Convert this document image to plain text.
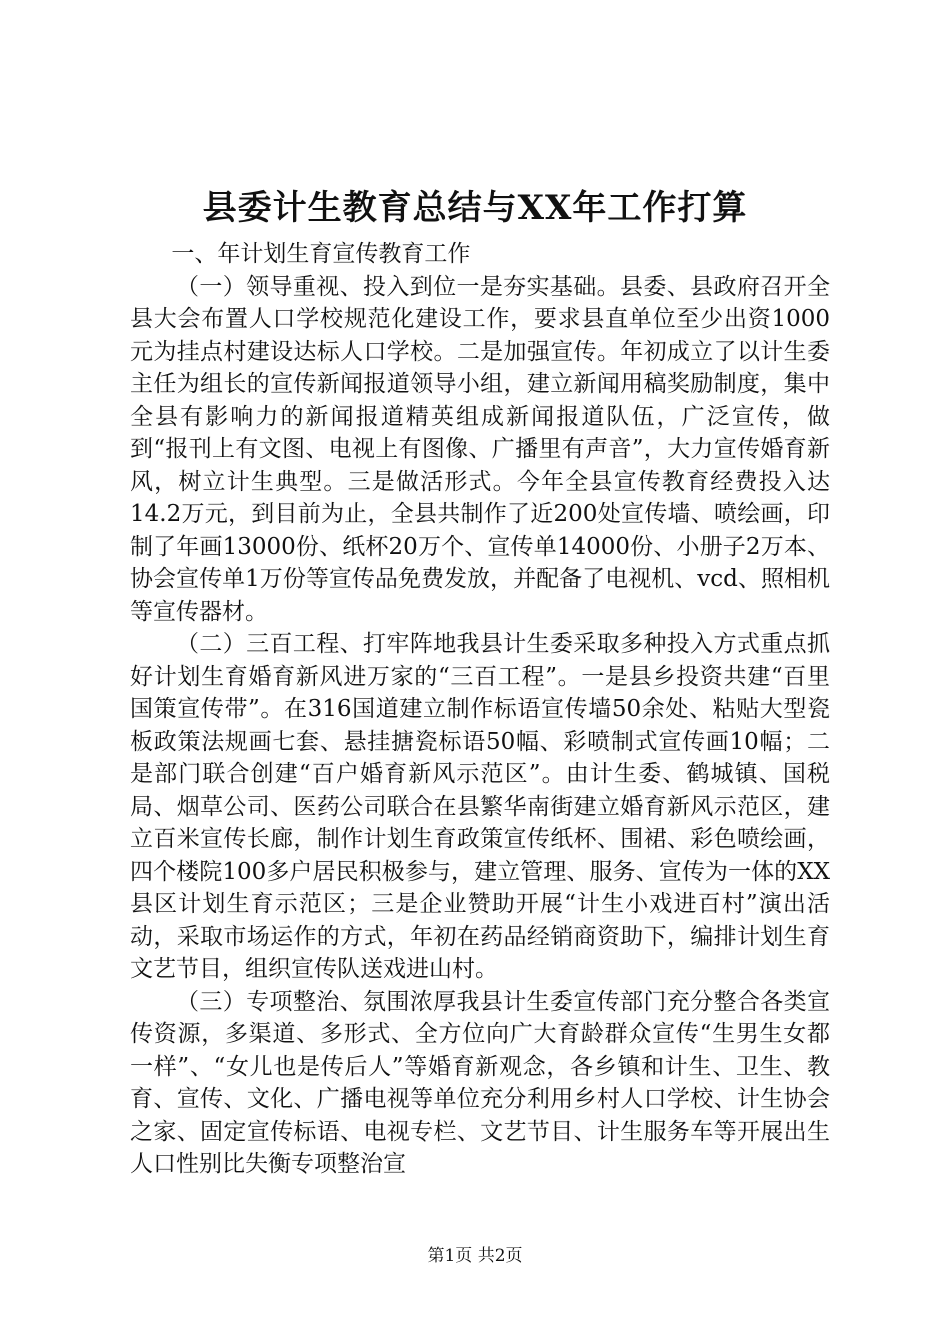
县委计生教育总结与XX年工作打算

一、年计划生育宣传教育工作

（一）领导重视、投入到位一是夯实基础。县委、县政府召开全县大会布置人口学校规范化建设工作，要求县直单位至少出资1000元为挂点村建设达标人口学校。二是加强宣传。年初成立了以计生委主任为组长的宣传新闻报道领导小组，建立新闻用稿奖励制度，集中全县有影响力的新闻报道精英组成新闻报道队伍，广泛宣传，做到“报刊上有文图、电视上有图像、广播里有声音”，大力宣传婚育新风，树立计生典型。三是做活形式。今年全县宣传教育经费投入达14.2万元，到目前为止，全县共制作了近200处宣传墙、喷绘画，印制了年画13000份、纸杯20万个、宣传单14000份、小册子2万本、协会宣传单1万份等宣传品免费发放，并配备了电视机、vcd、照相机等宣传器材。

（二）三百工程、打牢阵地我县计生委采取多种投入方式重点抓好计划生育婚育新风进万家的“三百工程”。一是县乡投资共建“百里国策宣传带”。在316国道建立制作标语宣传墙50余处、粘贴大型瓷板政策法规画七套、悬挂搪瓷标语50幅、彩喷制式宣传画10幅；二是部门联合创建“百户婚育新风示范区”。由计生委、鹤城镇、国税局、烟草公司、医药公司联合在县繁华南街建立婚育新风示范区，建立百米宣传长廊，制作计划生育政策宣传纸杯、围裙、彩色喷绘画，四个楼院100多户居民积极参与，建立管理、服务、宣传为一体的XX县区计划生育示范区；三是企业赞助开展“计生小戏进百村”演出活动，采取市场运作的方式，年初在药品经销商资助下，编排计划生育文艺节目，组织宣传队送戏进山村。

（三）专项整治、氛围浓厚我县计生委宣传部门充分整合各类宣传资源，多渠道、多形式、全方位向广大育龄群众宣传“生男生女都一样”、“女儿也是传后人”等婚育新观念，各乡镇和计生、卫生、教育、宣传、文化、广播电视等单位充分利用乡村人口学校、计生协会之家、固定宣传标语、电视专栏、文艺节目、计生服务车等开展出生人口性别比失衡专项整治宣

第1页 共2页
